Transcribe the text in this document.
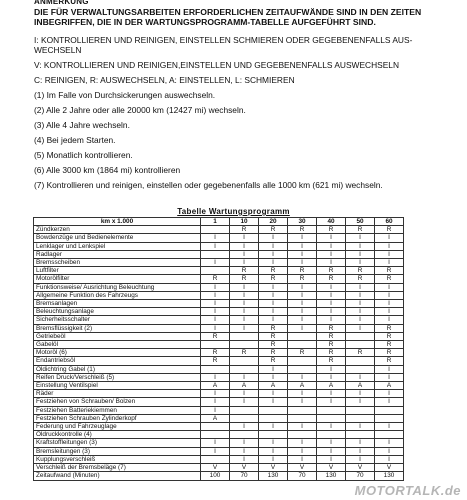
ANMERKUNG
DIE FÜR VERWALTUNGSARBEITEN ERFORDERLICHEN ZEITAUFWÄNDE SIND IN DEN ZEITEN INBEGRIFFEN, DIE IN DER WARTUNGSPROGRAMM-TABELLE AUFGEFÜHRT SIND.

I: KONTROLLIEREN UND REINIGEN, EINSTELLEN SCHMIEREN ODER GEGEBENENFALLS AUS-WECHSELN

V: KONTROLLIEREN UND REINIGEN,EINSTELLEN UND GEGEBENENFALLS AUSWECHSELN

C: REINIGEN, R: AUSWECHSELN, A: EINSTELLEN, L: SCHMIEREN

(1) Im Falle von Durchsickerungen auswechseln.

(2) Alle 2 Jahre oder alle 20000 km (12427 mi) wechseln.

(3) Alle 4 Jahre wechseln.

(4) Bei jedem Starten.

(5) Monatlich kontrollieren.

(6) Alle 3000 km (1864 mi) kontrollieren

(7) Kontrollieren und reinigen, einstellen oder gegebenenfalls alle 1000 km (621 mi) wechseln.

Tabelle Wartungsprogramm
km x 1.000	1	10	20	30	40	50	60
Zündkerzen		R	R	R	R	R	R
Bowdenzüge und Bedienelemente	I	I	I	I	I	I	I
Lenklager und Lenkspiel	I	I	I	I	I	I	I
Radlager		I	I	I	I	I	I
Bremsscheiben	I	I	I	I	I	I	I
Luftfilter		R	R	R	R	R	R
Motorölfilter	R	R	R	R	R	R	R
Funktionsweise/ Ausrichtung Beleuchtung	I	I	I	I	I	I	I
Allgemeine Funktion des Fahrzeugs	I	I	I	I	I	I	I
Bremsanlagen	I	I	I	I	I	I	I
Beleuchtungsanlage	I	I	I	I	I	I	I
Sicherheitsschalter	I	I	I	I	I	I	I
Bremsflüssigkeit (2)	I	I	R	I	R	I	R
Getriebeöl	R		R		R		R
Gabelöl			R		R		R
Motoröl (6)	R	R	R	R	R	R	R
Endantriebsöl	R		R		R		R
Öldichtring Gabel (1)			I		I		I
Reifen Druck/Verschleiß (5)	I	I	I	I	I	I	I
Einstellung Ventilspiel	A	A	A	A	A	A	A
Räder	I	I	I	I	I	I	I
Festziehen von Schrauben/ Bolzen	I	I	I	I	I	I	I
Festziehen Batteriekiemmen	I						
Festziehen Schrauben Zylinderkopf	A						
Federung und Fahrzeuglage		I	I	I	I	I	I
Öldruckkontrolle (4)							
Kraftstoffleitungen (3)	I	I	I	I	I	I	I
Bremsleitungen (3)	I	I	I	I	I	I	I
Kupplungsverschleiß		I	I	I	I	I	I
Verschleiß der Bremsbeläge (7)	V	V	V	V	V	V	V
Zeitaufwand (Minuten)	100	70	130	70	130	70	130
MOTORTALK.de
